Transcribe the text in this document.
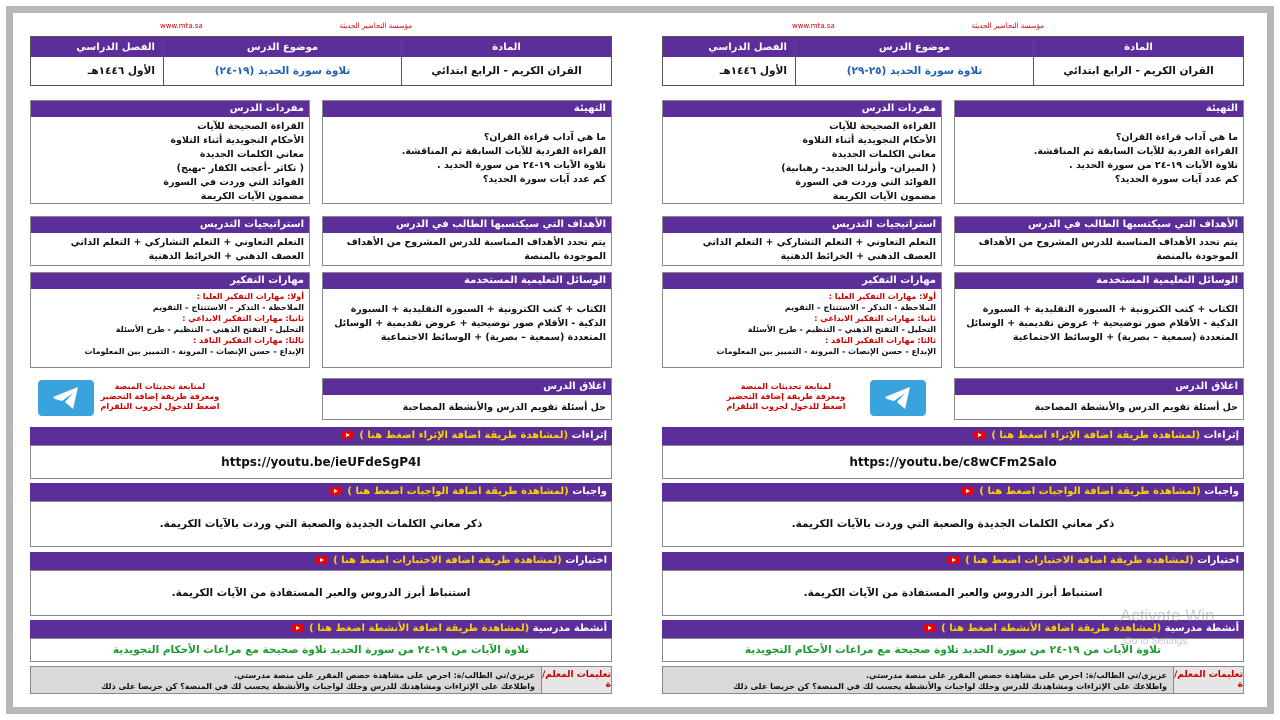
مؤسسة التحاضير الحديثة
www.mta.sa
المادة
القران الكريم - الرابع ابتدائي
موضوع الدرس
تلاوة سورة الحديد (١٩-٢٤)
الفصل الدراسي
الأول ١٤٤٦هـ
التهيئة
ما هي آداب قراءة القران؟
القراءة الفردية للآيات السابقة ثم المناقشة.
تلاوة الآيات ١٩-٢٤ من سورة الحديد .
كم عدد آيات سورة الحديد؟
مفردات الدرس
القراءة الصحيحة للآيات
الأحكام التجويدية أثناء التلاوة
معاني الكلمات الجديدة
( تكاثر -أعجب الكفار -بهيج)
الفوائد التي وردت في السورة
مضمون الآيات الكريمة
الأهداف التي سيكتسبها الطالب في الدرس
يتم تحدد الأهداف المناسبة للدرس المشروح من الأهداف
الموجودة بالمنصة
استراتيجيات التدريس
التعلم التعاوني + التعلم التشاركي + التعلم الذاتي
العصف الذهني + الخرائط الذهنية
الوسائل التعليمية المستخدمة
الكتاب + كتب الكترونية + السبورة التقليدية + السبورة
الذكية - الأقلام صور توضيحية + عروض تقديمية + الوسائل
المتعددة (سمعية – بصرية) + الوسائط الاجتماعية
مهارات التفكير
أولا: مهارات التفكير العليا :
الملاحظة - التذكر – الاستنتاج – التقويم
ثانيا: مهارات التفكير الابداعي :
التحليل - التفتح الذهني – التنظيم - طرح الأسئلة
ثالثا: مهارات التفكير الناقد :
الإبداع - حسن الإنصات - المرونة - التمييز بين المعلومات
اغلاق الدرس
حل أسئلة تقويم الدرس والأنشطة المصاحبة
لمتابعة تحديثات المنصة
ومعرفة طريقة إضافة التحضير
اضغط للدخول لجروب التلقرام
إثراءات (لمشاهدة طريقة اضافة الإثراء اضغط هنا )
https://youtu.be/ieUFdeSgP4I
واجبات (لمشاهدة طريقة اضافة الواجبات اضغط هنا )
ذكر معاني الكلمات الجديدة والصعبة التي وردت بالآيات الكريمة.
اختبارات (لمشاهدة طريقة اضافة الاختبارات اضغط هنا )
استنباط أبرز الدروس والعبر المستفادة من الآيات الكريمة.
أنشطة مدرسية (لمشاهدة طريقة اضافة الأنشطة اضغط هنا )
تلاوة الآيات من ١٩-٢٤ من سورة الحديد تلاوة صحيحة مع مراعات الأحكام التجويدية
تعليمات المعلم/ة
عزيزي/تي الطالب/ة: احرص على مشاهدة حصص المقرر على منصة مدرستي.
واطلاعك على الإثراءات ومشاهدتك للدرس وحلك لواجبات والأنشطة يحسب لك في المنصة؟ كن حريصا على ذلك
مؤسسة التحاضير الحديثة
www.mta.sa
المادة
القران الكريم - الرابع ابتدائي
موضوع الدرس
تلاوة سورة الحديد (٢٥-٢٩)
الفصل الدراسي
الأول ١٤٤٦هـ
التهيئة
ما هي آداب قراءة القران؟
القراءة الفردية للآيات السابقة ثم المناقشة.
تلاوة الآيات ١٩-٢٤ من سورة الحديد .
كم عدد آيات سورة الحديد؟
مفردات الدرس
القراءة الصحيحة للآيات
الأحكام التجويدية أثناء التلاوة
معاني الكلمات الجديدة
( الميزان- وأنزلنا الحديد- رهبانية)
الفوائد التي وردت في السورة
مضمون الآيات الكريمة
الأهداف التي سيكتسبها الطالب في الدرس
يتم تحدد الأهداف المناسبة للدرس المشروح من الأهداف
الموجودة بالمنصة
استراتيجيات التدريس
التعلم التعاوني + التعلم التشاركي + التعلم الذاتي
العصف الذهني + الخرائط الذهنية
الوسائل التعليمية المستخدمة
الكتاب + كتب الكترونية + السبورة التقليدية + السبورة
الذكية - الأقلام صور توضيحية + عروض تقديمية + الوسائل
المتعددة (سمعية – بصرية) + الوسائط الاجتماعية
مهارات التفكير
أولا: مهارات التفكير العليا :
الملاحظة - التذكر – الاستنتاج – التقويم
ثانيا: مهارات التفكير الابداعي :
التحليل - التفتح الذهني – التنظيم - طرح الأسئلة
ثالثا: مهارات التفكير الناقد :
الإبداع - حسن الإنصات - المرونة - التمييز بين المعلومات
اغلاق الدرس
حل أسئلة تقويم الدرس والأنشطة المصاحبة
لمتابعة تحديثات المنصة
ومعرفة طريقة إضافة التحضير
اضغط للدخول لجروب التلقرام
إثراءات (لمشاهدة طريقة اضافة الإثراء اضغط هنا )
https://youtu.be/c8wCFm2Salo
واجبات (لمشاهدة طريقة اضافة الواجبات اضغط هنا )
ذكر معاني الكلمات الجديدة والصعبة التي وردت بالآيات الكريمة.
اختبارات (لمشاهدة طريقة اضافة الاختبارات اضغط هنا )
استنباط أبرز الدروس والعبر المستفادة من الآيات الكريمة.
أنشطة مدرسية (لمشاهدة طريقة اضافة الأنشطة اضغط هنا )
تلاوة الآيات من ١٩-٢٤ من سورة الحديد تلاوة صحيحة مع مراعات الأحكام التجويدية
تعليمات المعلم/ة
عزيزي/تي الطالب/ة: احرص على مشاهدة حصص المقرر على منصة مدرستي.
واطلاعك على الإثراءات ومشاهدتك للدرس وحلك لواجبات والأنشطة يحسب لك في المنصة؟ كن حريصا على ذلك
Activate Win
Go to Settings
